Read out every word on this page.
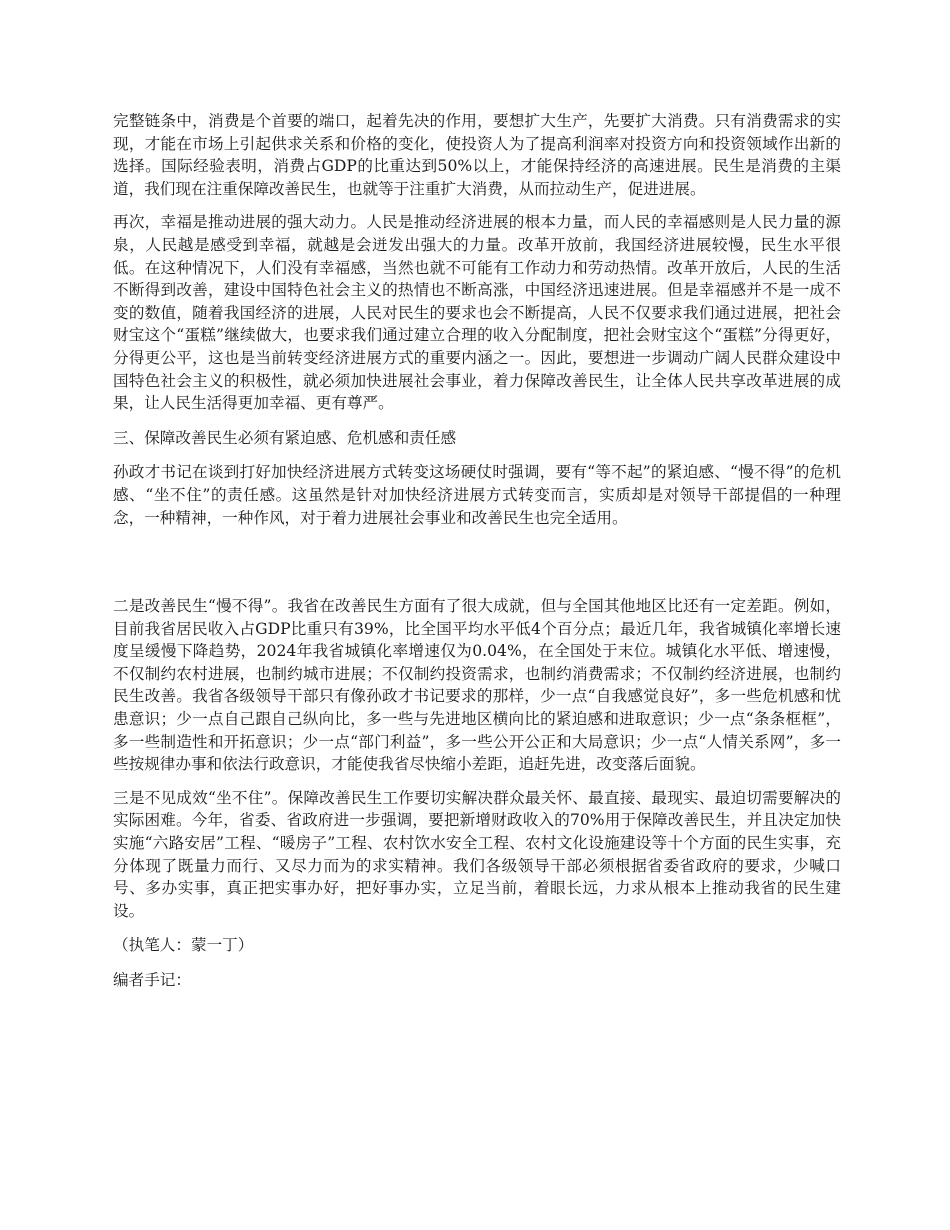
完整链条中，消费是个首要的端口，起着先决的作用，要想扩大生产，先要扩大消费。只有消费需求的实现，才能在市场上引起供求关系和价格的变化，使投资人为了提高利润率对投资方向和投资领域作出新的选择。国际经验表明，消费占GDP的比重达到50%以上，才能保持经济的高速进展。民生是消费的主渠道，我们现在注重保障改善民生，也就等于注重扩大消费，从而拉动生产，促进进展。

再次，幸福是推动进展的强大动力。人民是推动经济进展的根本力量，而人民的幸福感则是人民力量的源泉，人民越是感受到幸福，就越是会迸发出强大的力量。改革开放前，我国经济进展较慢，民生水平很低。在这种情况下，人们没有幸福感，当然也就不可能有工作动力和劳动热情。改革开放后，人民的生活不断得到改善，建设中国特色社会主义的热情也不断高涨，中国经济迅速进展。但是幸福感并不是一成不变的数值，随着我国经济的进展，人民对民生的要求也会不断提高，人民不仅要求我们通过进展，把社会财宝这个“蛋糕”继续做大，也要求我们通过建立合理的收入分配制度，把社会财宝这个“蛋糕”分得更好，分得更公平，这也是当前转变经济进展方式的重要内涵之一。因此，要想进一步调动广阔人民群众建设中国特色社会主义的积极性，就必须加快进展社会事业，着力保障改善民生，让全体人民共享改革进展的成果，让人民生活得更加幸福、更有尊严。

三、保障改善民生必须有紧迫感、危机感和责任感

孙政才书记在谈到打好加快经济进展方式转变这场硬仗时强调，要有“等不起”的紧迫感、“慢不得”的危机感、“坐不住”的责任感。这虽然是针对加快经济进展方式转变而言，实质却是对领导干部提倡的一种理念，一种精神，一种作风，对于着力进展社会事业和改善民生也完全适用。

二是改善民生“慢不得”。我省在改善民生方面有了很大成就，但与全国其他地区比还有一定差距。例如，目前我省居民收入占GDP比重只有39%，比全国平均水平低4个百分点；最近几年，我省城镇化率增长速度呈缓慢下降趋势，2024年我省城镇化率增速仅为0.04%，在全国处于末位。城镇化水平低、增速慢，不仅制约农村进展，也制约城市进展；不仅制约投资需求，也制约消费需求；不仅制约经济进展，也制约民生改善。我省各级领导干部只有像孙政才书记要求的那样，少一点“自我感觉良好”，多一些危机感和忧患意识；少一点自己跟自己纵向比，多一些与先进地区横向比的紧迫感和进取意识；少一点“条条框框”，多一些制造性和开拓意识；少一点“部门利益”，多一些公开公正和大局意识；少一点“人情关系网”，多一些按规律办事和依法行政意识，才能使我省尽快缩小差距，追赶先进，改变落后面貌。

三是不见成效“坐不住”。保障改善民生工作要切实解决群众最关怀、最直接、最现实、最迫切需要解决的实际困难。今年，省委、省政府进一步强调，要把新增财政收入的70%用于保障改善民生，并且决定加快实施“六路安居”工程、“暖房子”工程、农村饮水安全工程、农村文化设施建设等十个方面的民生实事，充分体现了既量力而行、又尽力而为的求实精神。我们各级领导干部必须根据省委省政府的要求，少喊口号、多办实事，真正把实事办好，把好事办实，立足当前，着眼长远，力求从根本上推动我省的民生建设。

（执笔人：蒙一丁）

编者手记：
